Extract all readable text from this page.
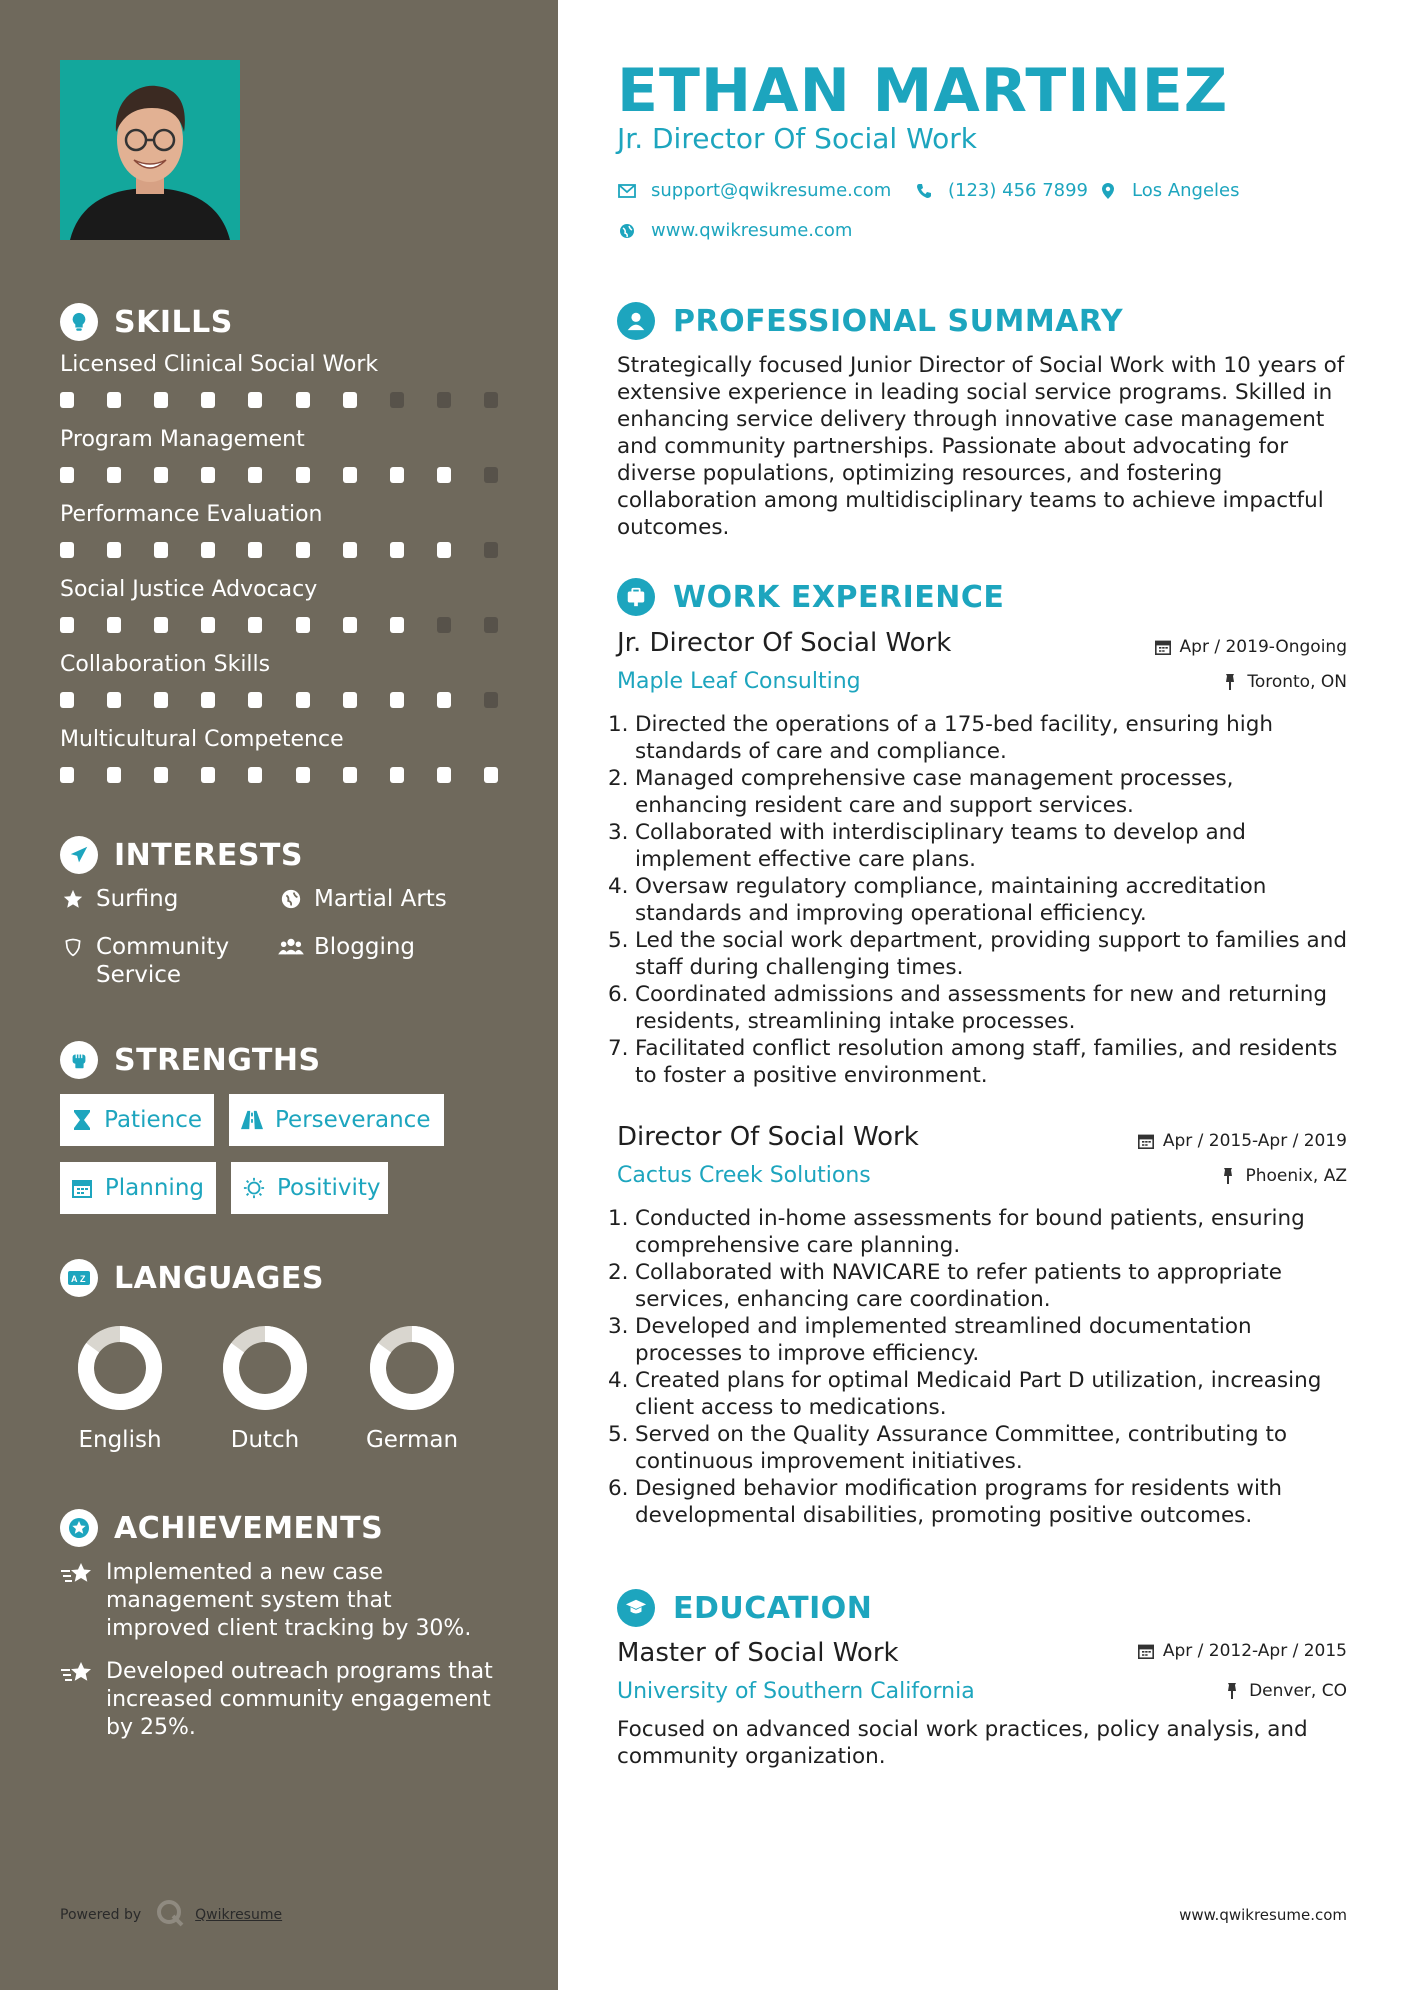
SKILLS
Licensed Clinical Social Work
Program Management
Performance Evaluation
Social Justice Advocacy
Collaboration Skills
Multicultural Competence
INTERESTS
Surfing	Martial Arts
Community Service
Blogging
STRENGTHS
Patience	Perseverance
Planning	Positivity
A Z LANGUAGES
English	Dutch	German
ACHIEVEMENTS
Implemented a new case management system that improved client tracking by 30%.
Developed outreach programs that increased community engagement by 25%.
Powered by	Qwikresume
ETHAN MARTINEZ
Jr. Director Of Social Work
support@qwikresume.com	(123) 456 7899 Los Angeles
www.qwikresume.com
PROFESSIONAL SUMMARY
Strategically focused Junior Director of Social Work with 10 years of extensive experience in leading social service programs. Skilled in enhancing service delivery through innovative case management and community partnerships. Passionate about advocating for diverse populations, optimizing resources, and fostering collaboration among multidisciplinary teams to achieve impactful outcomes.
WORK EXPERIENCE
Jr. Director Of Social Work
Maple Leaf Consulting
Apr / 2019-Ongoing
Toronto, ON
1. Directed the operations of a 175-bed facility, ensuring high standards of care and compliance.
2. Managed comprehensive case management processes, enhancing resident care and support services.
3. Collaborated with interdisciplinary teams to develop and implement effective care plans.
4. Oversaw regulatory compliance, maintaining accreditation standards and improving operational efficiency.
5. Led the social work department, providing support to families and staff during challenging times.
6. Coordinated admissions and assessments for new and returning residents, streamlining intake processes.
7. Facilitated conflict resolution among staff, families, and residents to foster a positive environment.
Director Of Social Work
Cactus Creek Solutions
Apr / 2015-Apr / 2019
Phoenix, AZ
1. Conducted in-home assessments for bound patients, ensuring comprehensive care planning.
2. Collaborated with NAVICARE to refer patients to appropriate services, enhancing care coordination.
3. Developed and implemented streamlined documentation processes to improve efficiency.
4. Created plans for optimal Medicaid Part D utilization, increasing client access to medications.
5. Served on the Quality Assurance Committee, contributing to continuous improvement initiatives.
6. Designed behavior modification programs for residents with developmental disabilities, promoting positive outcomes.
EDUCATION
Master of Social Work
University of Southern California
Apr / 2012-Apr / 2015
Denver, CO
Focused on advanced social work practices, policy analysis, and community organization.
www.qwikresume.com
